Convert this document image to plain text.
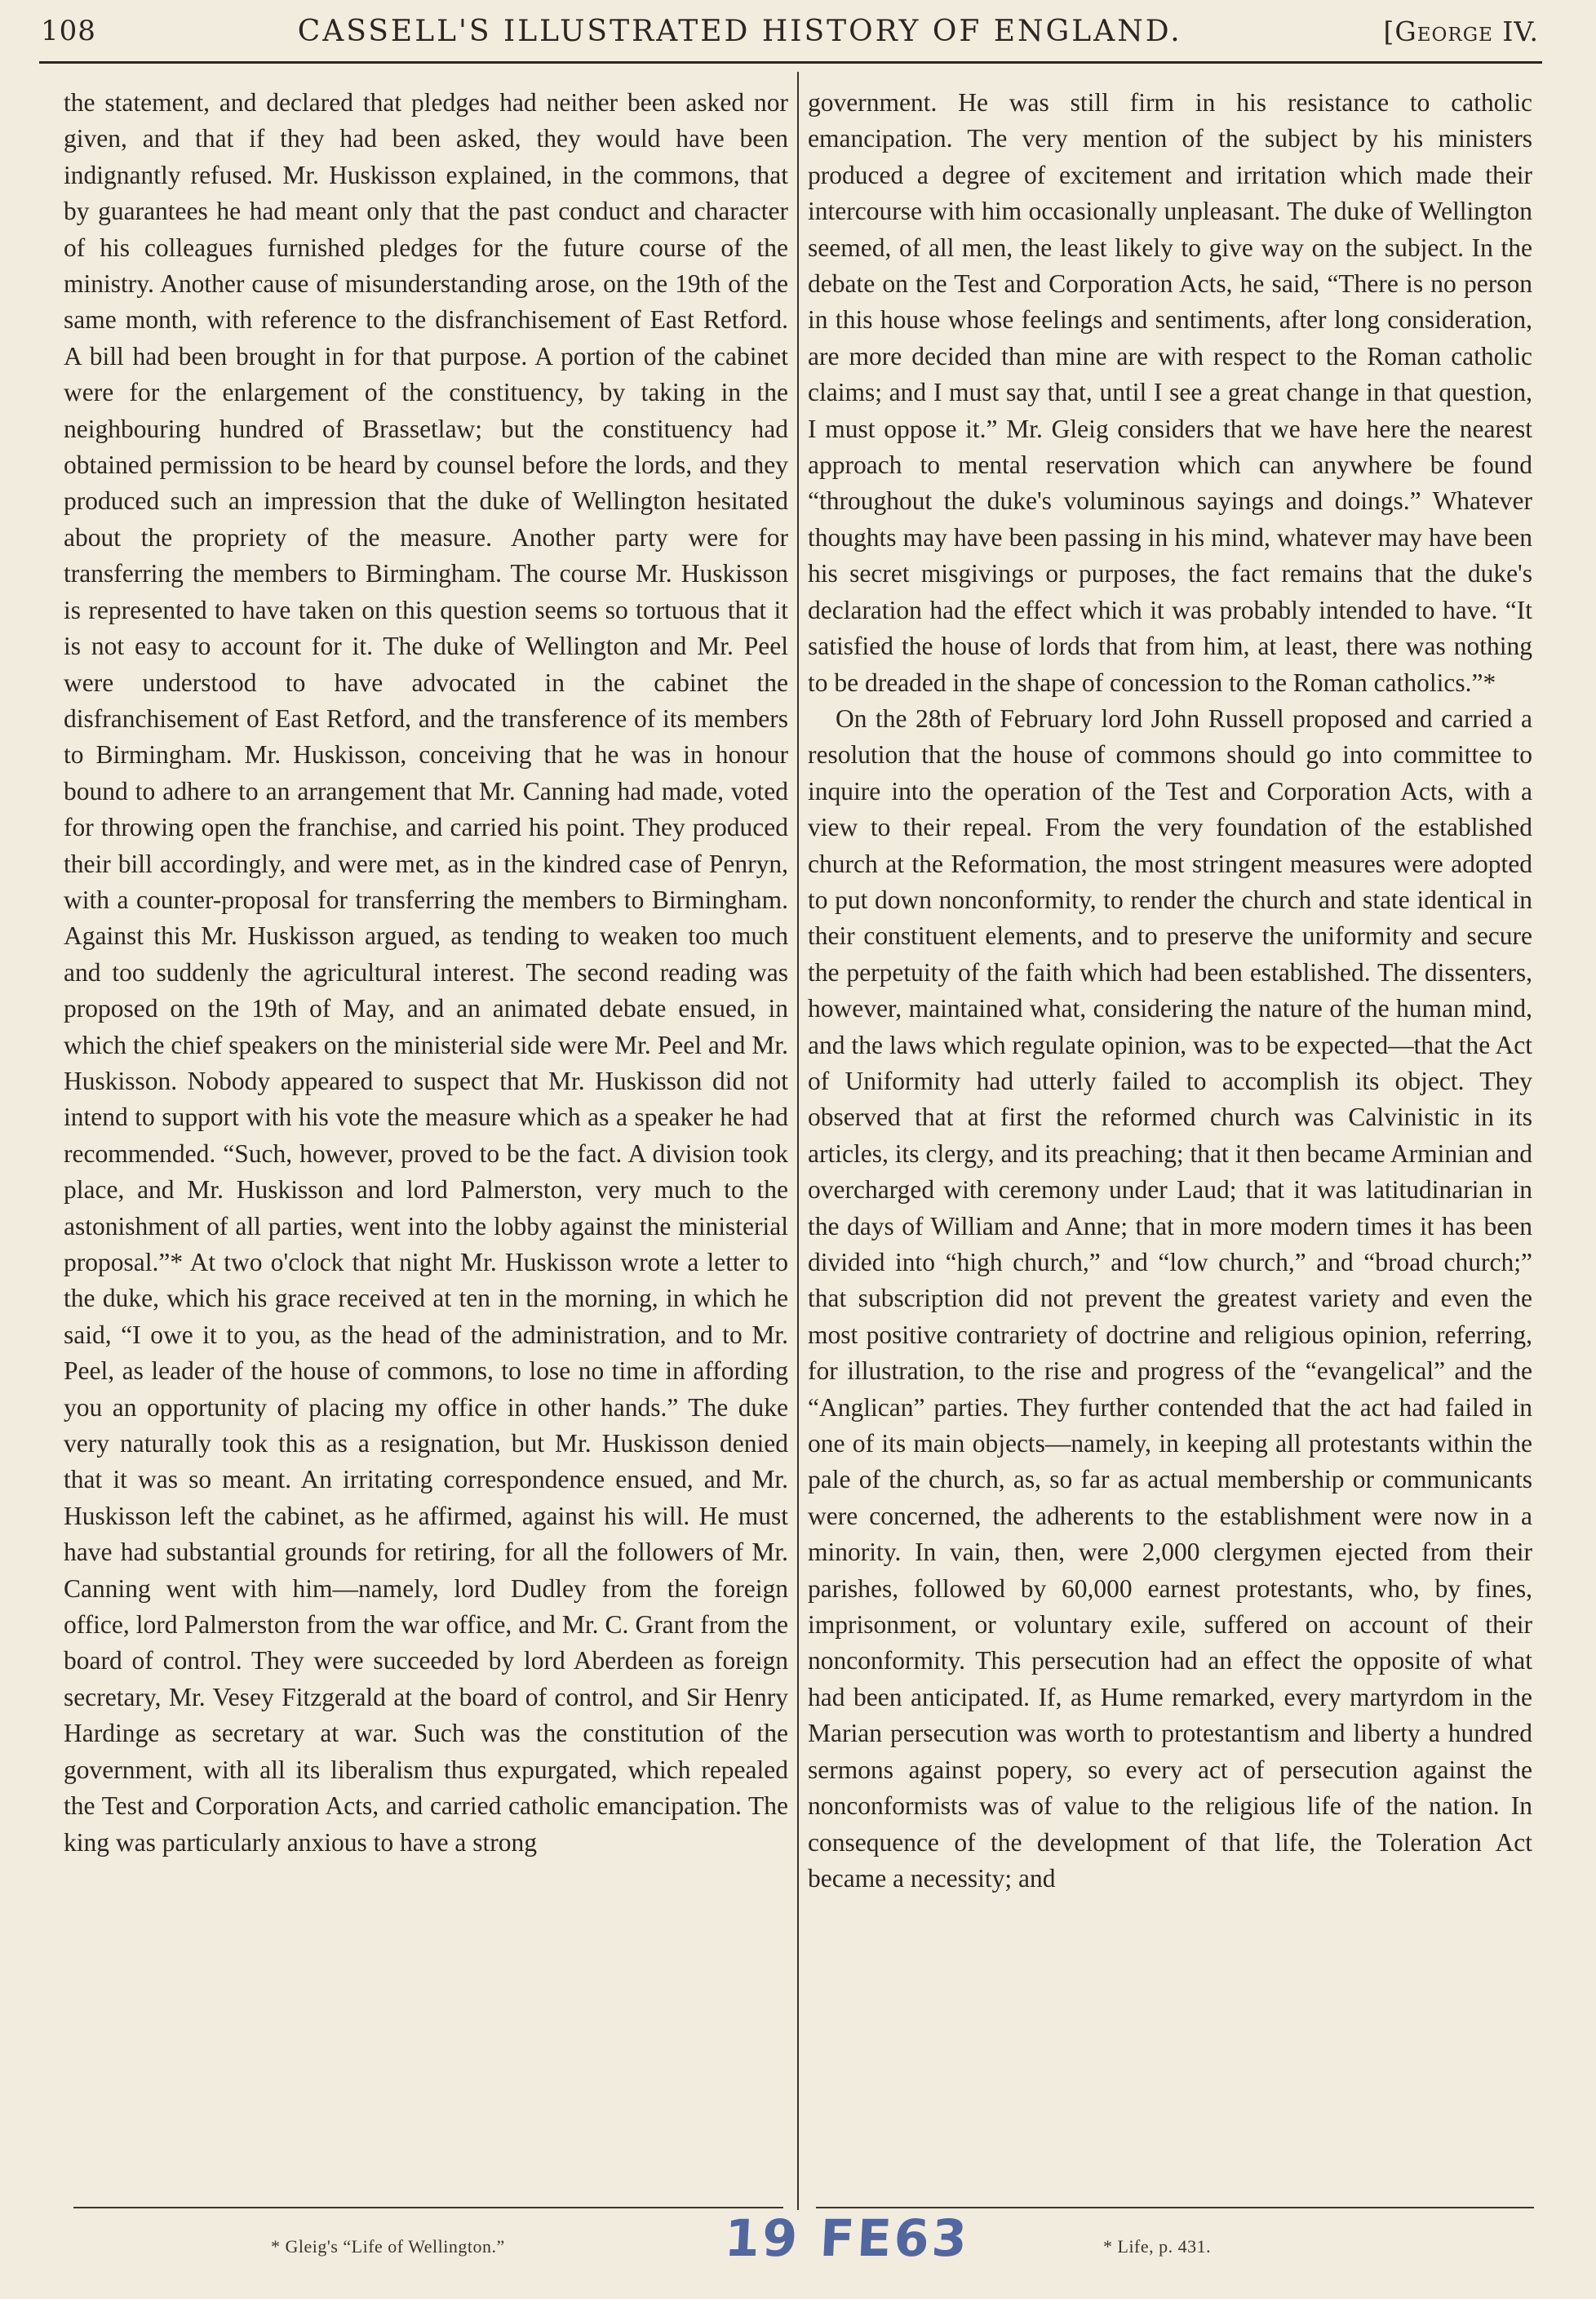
108	CASSELL'S ILLUSTRATED HISTORY OF ENGLAND.	[George IV.

the statement, and declared that pledges had neither been asked nor given, and that if they had been asked, they would have been indignantly refused. Mr. Huskisson explained, in the commons, that by guarantees he had meant only that the past conduct and character of his colleagues furnished pledges for the future course of the ministry. Another cause of misunderstanding arose, on the 19th of the same month, with reference to the disfranchisement of East Retford. A bill had been brought in for that purpose. A portion of the cabinet were for the enlargement of the constituency, by taking in the neighbouring hundred of Brassetlaw; but the constituency had obtained permission to be heard by counsel before the lords, and they produced such an impression that the duke of Wellington hesitated about the propriety of the measure. Another party were for transferring the members to Birmingham. The course Mr. Huskisson is represented to have taken on this question seems so tortuous that it is not easy to account for it. The duke of Wellington and Mr. Peel were understood to have advocated in the cabinet the disfranchisement of East Retford, and the transference of its members to Birmingham. Mr. Huskisson, conceiving that he was in honour bound to adhere to an arrangement that Mr. Canning had made, voted for throwing open the franchise, and carried his point. They produced their bill accordingly, and were met, as in the kindred case of Penryn, with a counter-proposal for transferring the members to Birmingham. Against this Mr. Huskisson argued, as tending to weaken too much and too suddenly the agricultural interest. The second reading was proposed on the 19th of May, and an animated debate ensued, in which the chief speakers on the ministerial side were Mr. Peel and Mr. Huskisson. Nobody appeared to suspect that Mr. Huskisson did not intend to support with his vote the measure which as a speaker he had recommended. “Such, however, proved to be the fact. A division took place, and Mr. Huskisson and lord Palmerston, very much to the astonishment of all parties, went into the lobby against the ministerial proposal.”* At two o'clock that night Mr. Huskisson wrote a letter to the duke, which his grace received at ten in the morning, in which he said, “I owe it to you, as the head of the administration, and to Mr. Peel, as leader of the house of commons, to lose no time in affording you an opportunity of placing my office in other hands.” The duke very naturally took this as a resignation, but Mr. Huskisson denied that it was so meant. An irritating correspondence ensued, and Mr. Huskisson left the cabinet, as he affirmed, against his will. He must have had substantial grounds for retiring, for all the followers of Mr. Canning went with him—namely, lord Dudley from the foreign office, lord Palmerston from the war office, and Mr. C. Grant from the board of control. They were succeeded by lord Aberdeen as foreign secretary, Mr. Vesey Fitzgerald at the board of control, and Sir Henry Hardinge as secretary at war. Such was the constitution of the government, with all its liberalism thus expurgated, which repealed the Test and Corporation Acts, and carried catholic emancipation. The king was particularly anxious to have a strong

government. He was still firm in his resistance to catholic emancipation. The very mention of the subject by his ministers produced a degree of excitement and irritation which made their intercourse with him occasionally unpleasant. The duke of Wellington seemed, of all men, the least likely to give way on the subject. In the debate on the Test and Corporation Acts, he said, “There is no person in this house whose feelings and sentiments, after long consideration, are more decided than mine are with respect to the Roman catholic claims; and I must say that, until I see a great change in that question, I must oppose it.” Mr. Gleig considers that we have here the nearest approach to mental reservation which can anywhere be found “throughout the duke's voluminous sayings and doings.” Whatever thoughts may have been passing in his mind, whatever may have been his secret misgivings or purposes, the fact remains that the duke's declaration had the effect which it was probably intended to have. “It satisfied the house of lords that from him, at least, there was nothing to be dreaded in the shape of concession to the Roman catholics.”*

On the 28th of February lord John Russell proposed and carried a resolution that the house of commons should go into committee to inquire into the operation of the Test and Corporation Acts, with a view to their repeal. From the very foundation of the established church at the Reformation, the most stringent measures were adopted to put down nonconformity, to render the church and state identical in their constituent elements, and to preserve the uniformity and secure the perpetuity of the faith which had been established. The dissenters, however, maintained what, considering the nature of the human mind, and the laws which regulate opinion, was to be expected—that the Act of Uniformity had utterly failed to accomplish its object. They observed that at first the reformed church was Calvinistic in its articles, its clergy, and its preaching; that it then became Arminian and overcharged with ceremony under Laud; that it was latitudinarian in the days of William and Anne; that in more modern times it has been divided into “high church,” and “low church,” and “broad church;” that subscription did not prevent the greatest variety and even the most positive contrariety of doctrine and religious opinion, referring, for illustration, to the rise and progress of the “evangelical” and the “Anglican” parties. They further contended that the act had failed in one of its main objects—namely, in keeping all protestants within the pale of the church, as, so far as actual membership or communicants were concerned, the adherents to the establishment were now in a minority. In vain, then, were 2,000 clergymen ejected from their parishes, followed by 60,000 earnest protestants, who, by fines, imprisonment, or voluntary exile, suffered on account of their nonconformity. This persecution had an effect the opposite of what had been anticipated. If, as Hume remarked, every martyrdom in the Marian persecution was worth to protestantism and liberty a hundred sermons against popery, so every act of persecution against the nonconformists was of value to the religious life of the nation. In consequence of the development of that life, the Toleration Act became a necessity; and

* Gleig's “Life of Wellington.”	* Life, p. 431.
19 FE63
